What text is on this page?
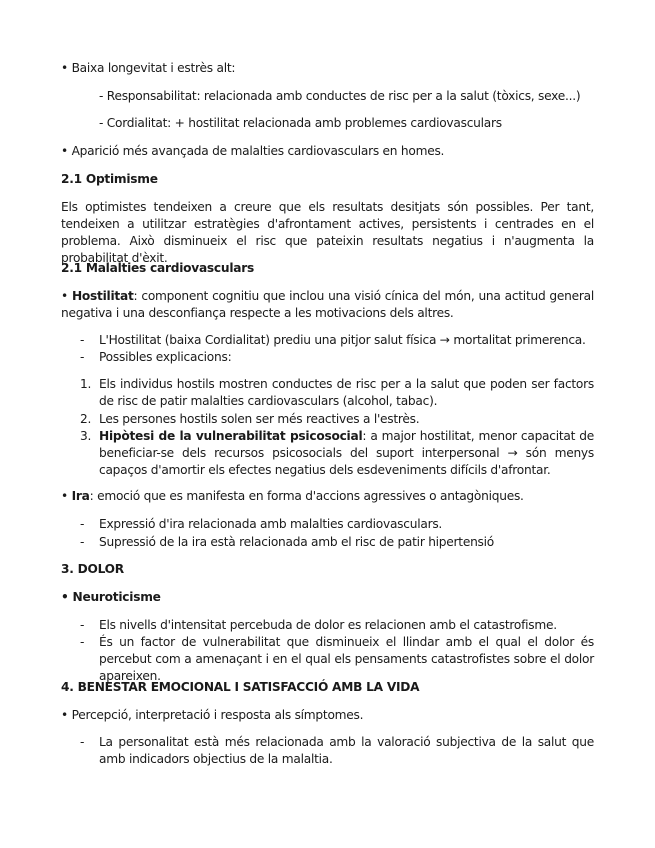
• Baixa longevitat i estrès alt:

- Responsabilitat: relacionada amb conductes de risc per a la salut (tòxics, sexe...)

- Cordialitat: + hostilitat relacionada amb problemes cardiovasculars

• Aparició més avançada de malalties cardiovasculars en homes.

2.1 Optimisme

Els optimistes tendeixen a creure que els resultats desitjats són possibles. Per tant, tendeixen a utilitzar estratègies d'afrontament actives, persistents i centrades en el problema. Això disminueix el risc que pateixin resultats negatius i n'augmenta la probabilitat d'èxit.

2.1 Malalties cardiovasculars

• Hostilitat: component cognitiu que inclou una visió cínica del món, una actitud general negativa i una desconfiança respecte a les motivacions dels altres.

-	L'Hostilitat (baixa Cordialitat) prediu una pitjor salut física → mortalitat primerenca.
-	Possibles explicacions:
1. Els individus hostils mostren conductes de risc per a la salut que poden ser factors de risc de patir malalties cardiovasculars (alcohol, tabac).
2. Les persones hostils solen ser més reactives a l'estrès.
3. Hipòtesi de la vulnerabilitat psicosocial: a major hostilitat, menor capacitat de beneficiar-se dels recursos psicosocials del suport interpersonal → són menys capaços d'amortir els efectes negatius dels esdeveniments difícils d'afrontar.

• Ira: emoció que es manifesta en forma d'accions agressives o antagòniques.

-	Expressió d'ira relacionada amb malalties cardiovasculars.
-	Supressió de la ira està relacionada amb el risc de patir hipertensió

3. DOLOR

• Neuroticisme

-	Els nivells d'intensitat percebuda de dolor es relacionen amb el catastrofisme.
-	És un factor de vulnerabilitat que disminueix el llindar amb el qual el dolor és percebut com a amenaçant i en el qual els pensaments catastrofistes sobre el dolor apareixen.

4. BENESTAR EMOCIONAL I SATISFACCIÓ AMB LA VIDA

• Percepció, interpretació i resposta als símptomes.

-	La personalitat està més relacionada amb la valoració subjectiva de la salut que amb indicadors objectius de la malaltia.
